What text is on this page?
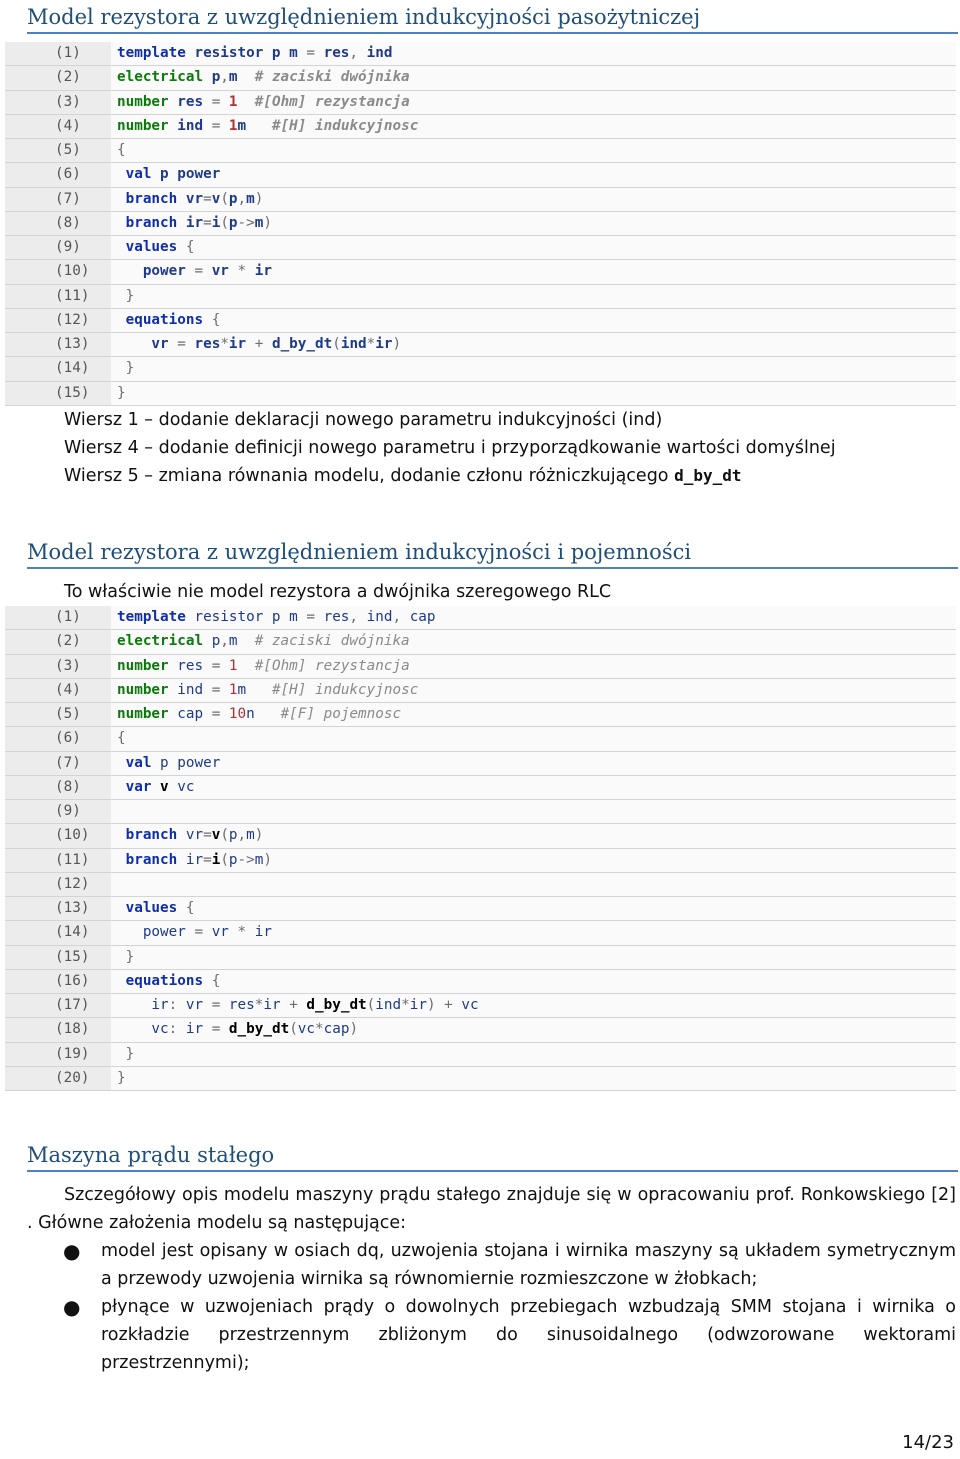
Model rezystora z uwzględnieniem indukcyjności pasożytniczej
(1)	template resistor p m = res, ind
(2)	electrical p,m  # zaciski dwójnika
(3)	number res = 1  #[Ohm] rezystancja
(4)	number ind = 1m   #[H] indukcyjnosc
(5)	{
(6)	val p power
(7)	branch vr=v(p,m)
(8)	branch ir=i(p->m)
(9)	values {
(10)	power = vr * ir
(11)	}
(12)	equations {
(13)	vr = res*ir + d_by_dt(ind*ir)
(14)	}
(15)	}
Wiersz 1 – dodanie deklaracji nowego parametru indukcyjności (ind)
Wiersz 4 – dodanie definicji nowego parametru i przyporządkowanie wartości domyślnej
Wiersz 5 – zmiana równania modelu, dodanie członu różniczkującego d_by_dt
Model rezystora z uwzględnieniem indukcyjności i pojemności
To właściwie nie model rezystora a dwójnika szeregowego RLC
(1)	template resistor p m = res, ind, cap
(2)	electrical p,m  # zaciski dwójnika
(3)	number res = 1  #[Ohm] rezystancja
(4)	number ind = 1m   #[H] indukcyjnosc
(5)	number cap = 10n   #[F] pojemnosc
(6)	{
(7)	val p power
(8)	var v vc
(9)
(10)	branch vr=v(p,m)
(11)	branch ir=i(p->m)
(12)
(13)	values {
(14)	power = vr * ir
(15)	}
(16)	equations {
(17)	ir: vr = res*ir + d_by_dt(ind*ir) + vc
(18)	vc: ir = d_by_dt(vc*cap)
(19)	}
(20)	}
Maszyna prądu stałego
Szczegółowy opis modelu maszyny prądu stałego znajduje się w opracowaniu prof. Ronkowskiego [2] . Główne założenia modelu są następujące:
● model jest opisany w osiach dq, uzwojenia stojana i wirnika maszyny są układem symetrycznym a przewody uzwojenia wirnika są równomiernie rozmieszczone w żłobkach;
● płynące w uzwojeniach prądy o dowolnych przebiegach wzbudzają SMM stojana i wirnika o rozkładzie przestrzennym zbliżonym do sinusoidalnego (odwzorowane wektorami przestrzennymi);
14/23
